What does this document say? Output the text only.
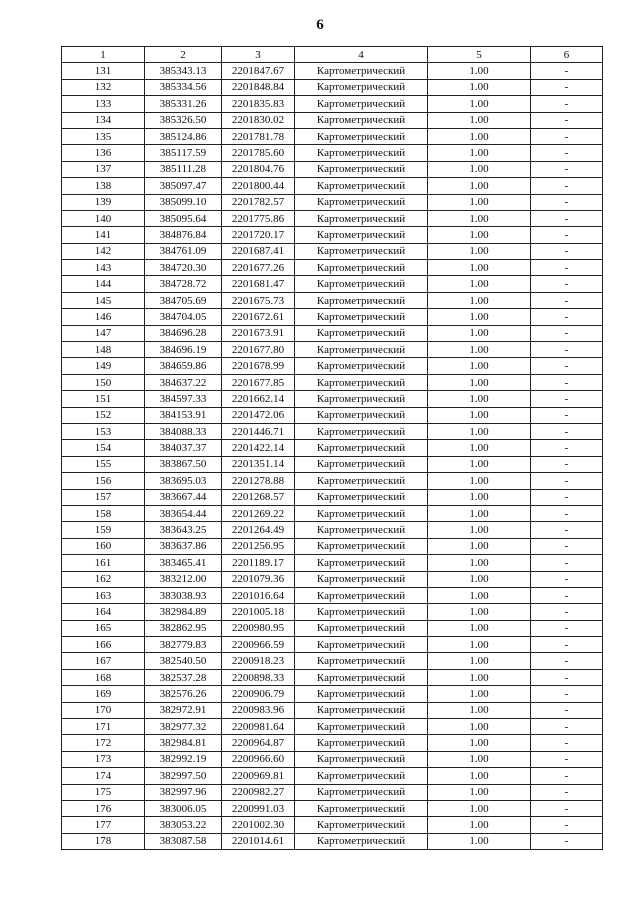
6
1	2	3	4	5	6
131	385343.13	2201847.67	Картометрический	1.00	-
132	385334.56	2201848.84	Картометрический	1.00	-
133	385331.26	2201835.83	Картометрический	1.00	-
134	385326.50	2201830.02	Картометрический	1.00	-
135	385124.86	2201781.78	Картометрический	1.00	-
136	385117.59	2201785.60	Картометрический	1.00	-
137	385111.28	2201804.76	Картометрический	1.00	-
138	385097.47	2201800.44	Картометрический	1.00	-
139	385099.10	2201782.57	Картометрический	1.00	-
140	385095.64	2201775.86	Картометрический	1.00	-
141	384876.84	2201720.17	Картометрический	1.00	-
142	384761.09	2201687.41	Картометрический	1.00	-
143	384720.30	2201677.26	Картометрический	1.00	-
144	384728.72	2201681.47	Картометрический	1.00	-
145	384705.69	2201675.73	Картометрический	1.00	-
146	384704.05	2201672.61	Картометрический	1.00	-
147	384696.28	2201673.91	Картометрический	1.00	-
148	384696.19	2201677.80	Картометрический	1.00	-
149	384659.86	2201678.99	Картометрический	1.00	-
150	384637.22	2201677.85	Картометрический	1.00	-
151	384597.33	2201662.14	Картометрический	1.00	-
152	384153.91	2201472.06	Картометрический	1.00	-
153	384088.33	2201446.71	Картометрический	1.00	-
154	384037.37	2201422.14	Картометрический	1.00	-
155	383867.50	2201351.14	Картометрический	1.00	-
156	383695.03	2201278.88	Картометрический	1.00	-
157	383667.44	2201268.57	Картометрический	1.00	-
158	383654.44	2201269.22	Картометрический	1.00	-
159	383643.25	2201264.49	Картометрический	1.00	-
160	383637.86	2201256.95	Картометрический	1.00	-
161	383465.41	2201189.17	Картометрический	1.00	-
162	383212.00	2201079.36	Картометрический	1.00	-
163	383038.93	2201016.64	Картометрический	1.00	-
164	382984.89	2201005.18	Картометрический	1.00	-
165	382862.95	2200980.95	Картометрический	1.00	-
166	382779.83	2200966.59	Картометрический	1.00	-
167	382540.50	2200918.23	Картометрический	1.00	-
168	382537.28	2200898.33	Картометрический	1.00	-
169	382576.26	2200906.79	Картометрический	1.00	-
170	382972.91	2200983.96	Картометрический	1.00	-
171	382977.32	2200981.64	Картометрический	1.00	-
172	382984.81	2200964.87	Картометрический	1.00	-
173	382992.19	2200966.60	Картометрический	1.00	-
174	382997.50	2200969.81	Картометрический	1.00	-
175	382997.96	2200982.27	Картометрический	1.00	-
176	383006.05	2200991.03	Картометрический	1.00	-
177	383053.22	2201002.30	Картометрический	1.00	-
178	383087.58	2201014.61	Картометрический	1.00	-
